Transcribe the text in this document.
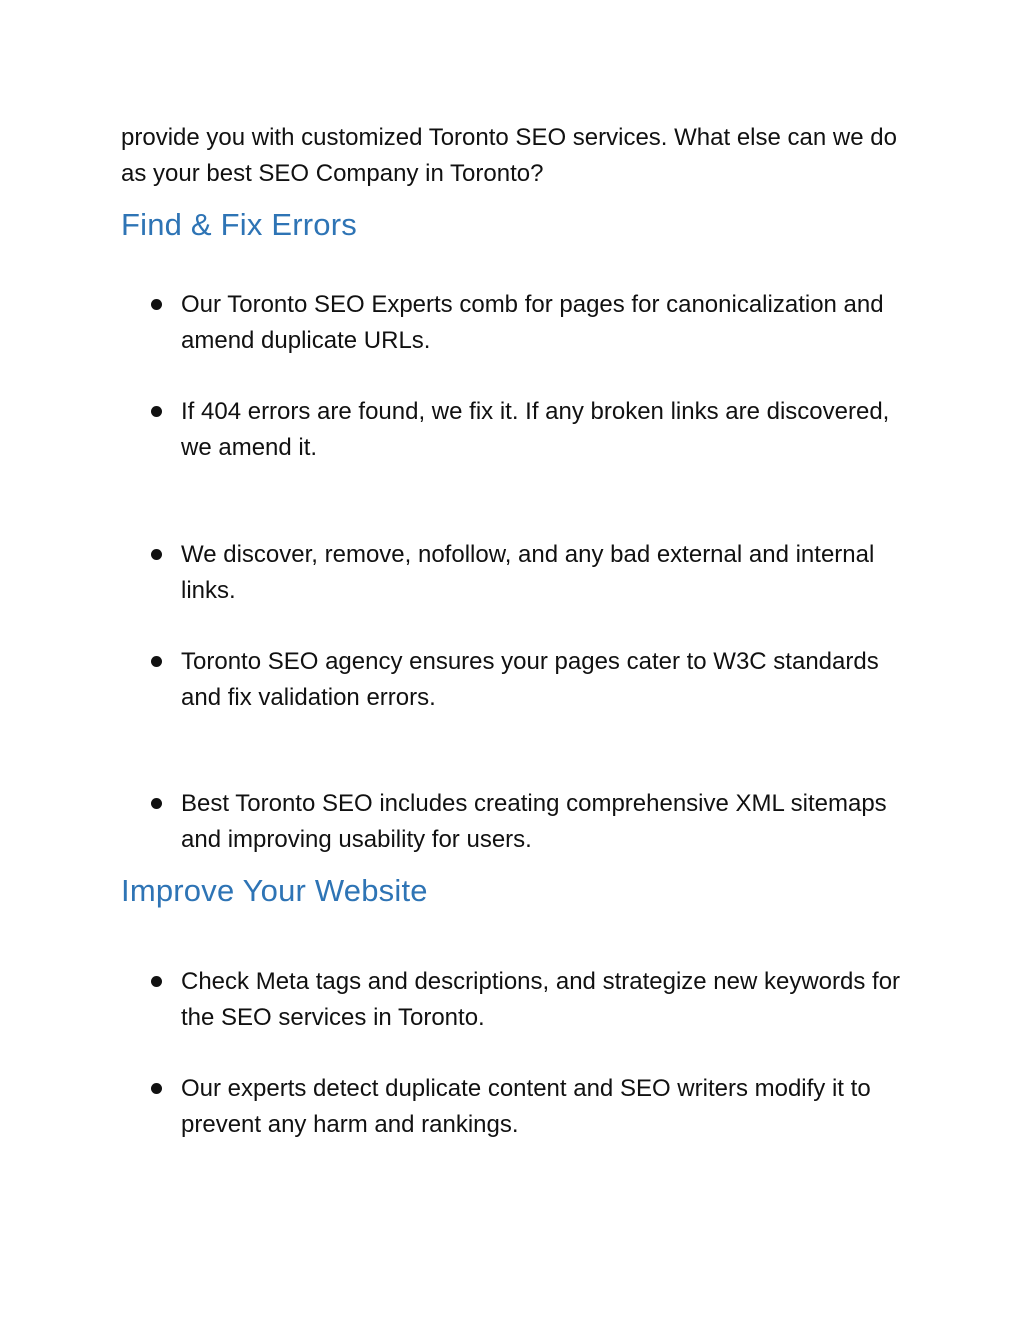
provide you with customized Toronto SEO services. What else can we do as your best SEO Company in Toronto?

Find & Fix Errors
Our Toronto SEO Experts comb for pages for canonicalization and amend duplicate URLs.
If 404 errors are found, we fix it. If any broken links are discovered, we amend it.
We discover, remove, nofollow, and any bad external and internal links.
Toronto SEO agency ensures your pages cater to W3C standards and fix validation errors.
Best Toronto SEO includes creating comprehensive XML sitemaps and improving usability for users.
Improve Your Website
Check Meta tags and descriptions, and strategize new keywords for the SEO services in Toronto.
Our experts detect duplicate content and SEO writers modify it to prevent any harm and rankings.
